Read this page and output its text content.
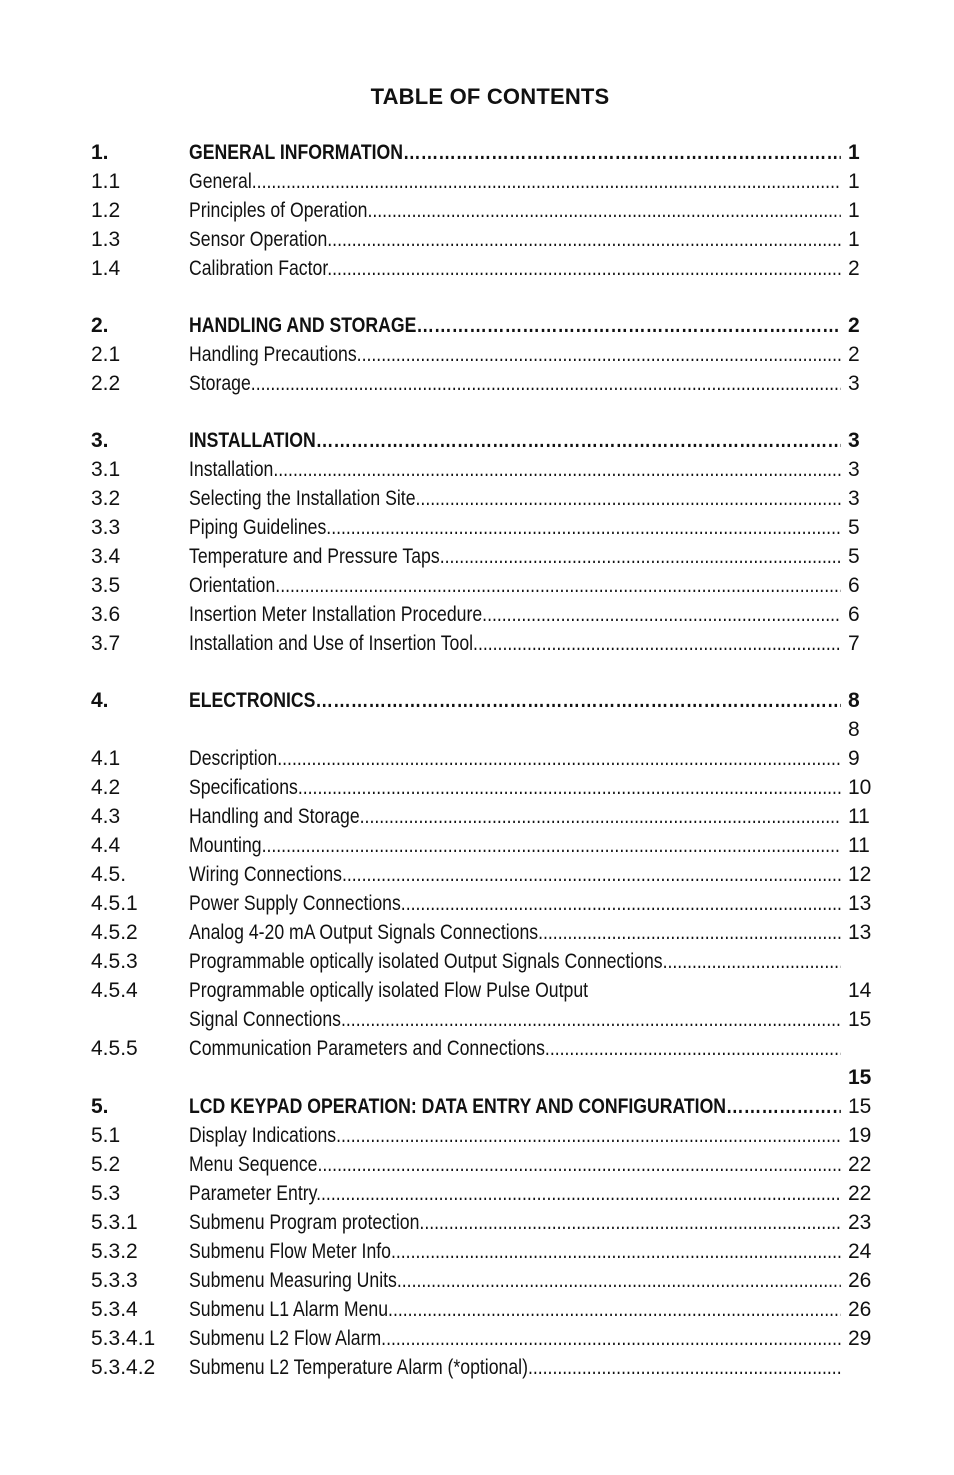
TABLE OF CONTENTS
1.	GENERAL INFORMATION …………………………………………………………………………………………………………………………………………	1
1.1	General .....	1
1.2	Principles of Operation .....	1
1.3	Sensor Operation .....	1
1.4	Calibration Factor .....	2
2.	HANDLING AND STORAGE …………………………………………………………………………………………………………………………………………	2
2.1	Handling Precautions .....	2
2.2	Storage .....	3
3.	INSTALLATION …………………………………………………………………………………………………………………………………………	3
3.1	Installation .....	3
3.2	Selecting the Installation Site .....	3
3.3	Piping Guidelines .....	5
3.4	Temperature and Pressure Taps .....	5
3.5	Orientation .....	6
3.6	Insertion Meter Installation Procedure .....	6
3.7	Installation and Use of Insertion Tool .....	7
4.	ELECTRONICS …………………………………………………………………………………………………………………………………………	8
8
4.1	Description .....	9
4.2	Specifications .....	10
4.3	Handling and Storage .....	11
4.4	Mounting .....	11
4.5.	Wiring Connections .....	12
4.5.1 Power Supply Connections .....	13
4.5.2 Analog 4-20 mA Output Signals Connections .....	13
4.5.3 Programmable optically isolated Output Signals Connections .....
4.5.4 Programmable optically isolated Flow Pulse Output	14
Signal Connections .....	15
4.5.5 Communication Parameters and Connections .....
15
5.	LCD KEYPAD OPERATION: DATA ENTRY AND CONFIGURATION …………………………………………………………………………………………………………………………………………	15
5.1	Display Indications .....	19
5.2	Menu Sequence .....	22
5.3	Parameter Entry .....	22
5.3.1 Submenu Program protection .....	23
5.3.2 Submenu Flow Meter Info .....	24
5.3.3 Submenu Measuring Units .....	26
5.3.4 Submenu L1 Alarm Menu .....	26
5.3.4.1 Submenu L2 Flow Alarm .....	29
5.3.4.2 Submenu L2 Temperature Alarm (*optional) .....
